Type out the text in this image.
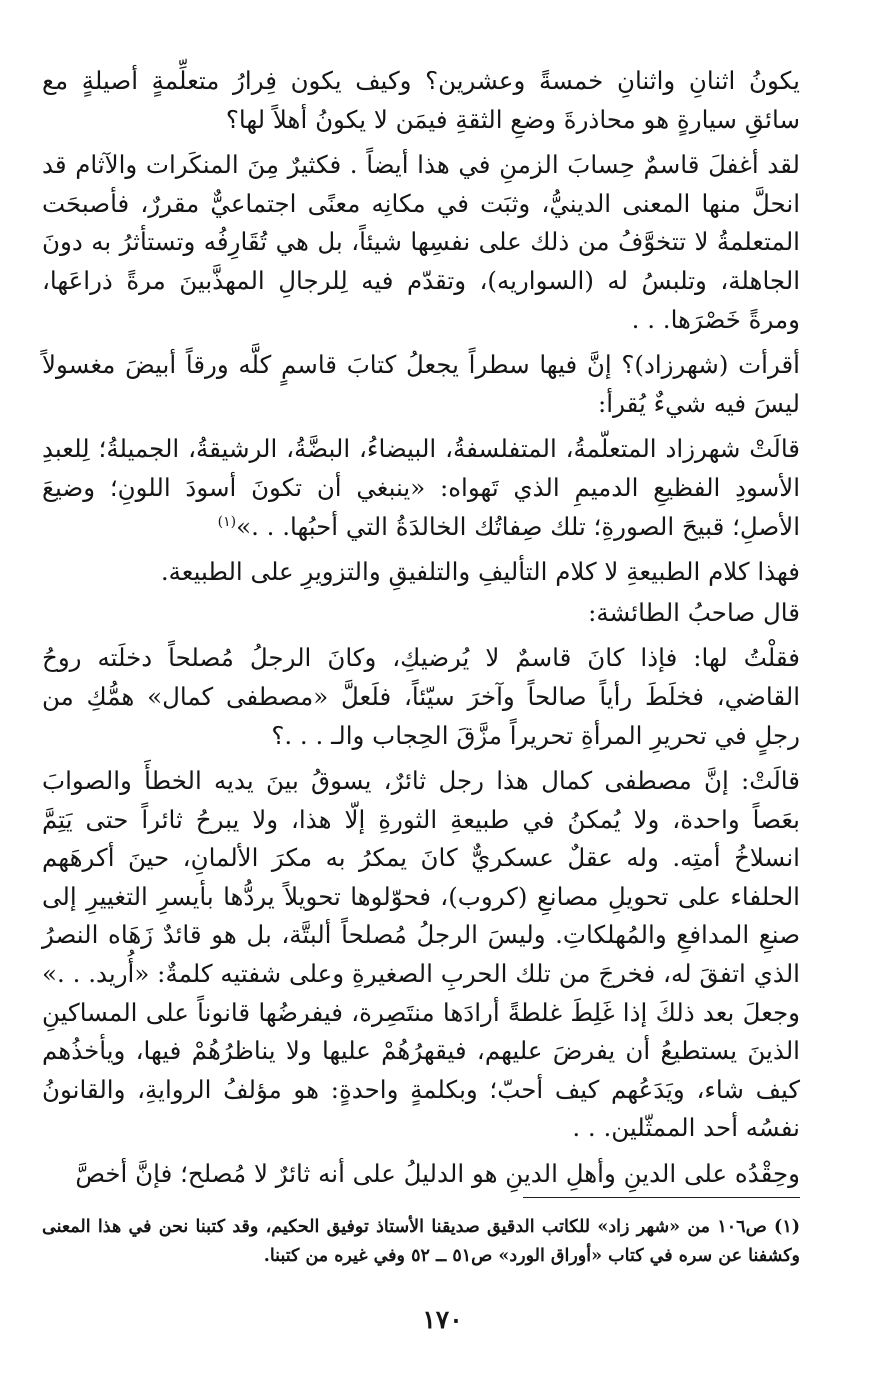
يكونُ اثنانِ واثنانِ خمسةً وعشرين؟ وكيف يكون فِرارُ متعلِّمةٍ أصيلةٍ مع سائقِ سيارةٍ هو محاذرةَ وضعِ الثقةِ فيمَن لا يكونُ أهلاً لها؟

لقد أغفلَ قاسمٌ حِسابَ الزمنِ في هذا أيضاً . فكثيرٌ مِنَ المنكَرات والآثام قد انحلَّ منها المعنى الدينيُّ، وثبَت في مكانِه معنًى اجتماعيٌّ مقررٌ، فأصبحَت المتعلمةُ لا تتخوَّفُ من ذلك على نفسِها شيئاً، بل هي تُقَارِفُه وتستأثرُ به دونَ الجاهلة، وتلبسُ له (السواريه)، وتقدّم فيه لِلرجالِ المهذَّبينَ مرةً ذراعَها، ومرةً خَصْرَها. . .

أقرأت (شهرزاد)؟ إنَّ فيها سطراً يجعلُ كتابَ قاسمٍ كلَّه ورقاً أبيضَ مغسولاً ليسَ فيه شيءٌ يُقرأ:

قالَتْ شهرزاد المتعلّمةُ، المتفلسفةُ، البيضاءُ، البضَّةُ، الرشيقةُ، الجميلةُ؛ لِلعبدِ الأسودِ الفظيعِ الدميمِ الذي تَهواه: «ينبغي أن تكونَ أسودَ اللونِ؛ وضيعَ الأصلِ؛ قبيحَ الصورةِ؛ تلك صِفاتُك الخالدَةُ التي أحبُها. . .»$^{(١)}$

فهذا كلام الطبيعةِ لا كلام التأليفِ والتلفيقِ والتزويرِ على الطبيعة.

قال صاحبُ الطائشة:

فقلْتُ لها: فإذا كانَ قاسمٌ لا يُرضيكِ، وكانَ الرجلُ مُصلحاً دخلَته روحُ القاضي، فخلَطَ رأياً صالحاً وآخرَ سيّئاً، فلَعلَّ «مصطفى كمال» همُّكِ من رجلٍ في تحريرِ المرأةِ تحريراً مزَّقَ الحِجاب والـ . . .؟

قالَتْ: إنَّ مصطفى كمال هذا رجل ثائرٌ، يسوقُ بينَ يديه الخطأَ والصوابَ بعَصاً واحدة، ولا يُمكنُ في طبيعةِ الثورةِ إلّا هذا، ولا يبرحُ ثائراً حتى يَتِمَّ انسلاخُ أمتِه. وله عقلٌ عسكريٌّ كانَ يمكرُ به مكرَ الألمانِ، حينَ أكرهَهم الحلفاء على تحويلِ مصانعِ (كروب)، فحوّلوها تحويلاً يردُّها بأيسرِ التغييرِ إلى صنعِ المدافعِ والمُهلكاتِ. وليسَ الرجلُ مُصلحاً ألبتَّة، بل هو قائدٌ زَهَاه النصرُ الذي اتفقَ له، فخرجَ من تلك الحربِ الصغيرةِ وعلى شفتيه كلمةٌ: «أُريد. . .» وجعلَ بعد ذلكَ إذا غَلِطَ غلطةً أرادَها منتَصِرة، فيفرضُها قانوناً على المساكينِ الذينَ يستطيعُ أن يفرضَ عليهم، فيقهرُهُمْ عليها ولا يناظرُهُمْ فيها، ويأخذُهم كيف شاء، ويَدَعُهم كيف أحبّ؛ وبكلمةٍ واحدةٍ: هو مؤلفُ الروايةِ، والقانونُ نفسُه أحد الممثّلين. . .

وحِقْدُه على الدينِ وأهلِ الدينِ هو الدليلُ على أنه ثائرٌ لا مُصلح؛ فإنَّ أخصَّ

(١) ص١٠٦ من «شهر زاد» للكاتب الدقيق صديقنا الأستاذ توفيق الحكيم، وقد كتبنا نحن في هذا المعنى وكشفنا عن سره في كتاب «أوراق الورد» ص٥١ ــ ٥٢ وفي غيره من كتبنا.

١٧٠
